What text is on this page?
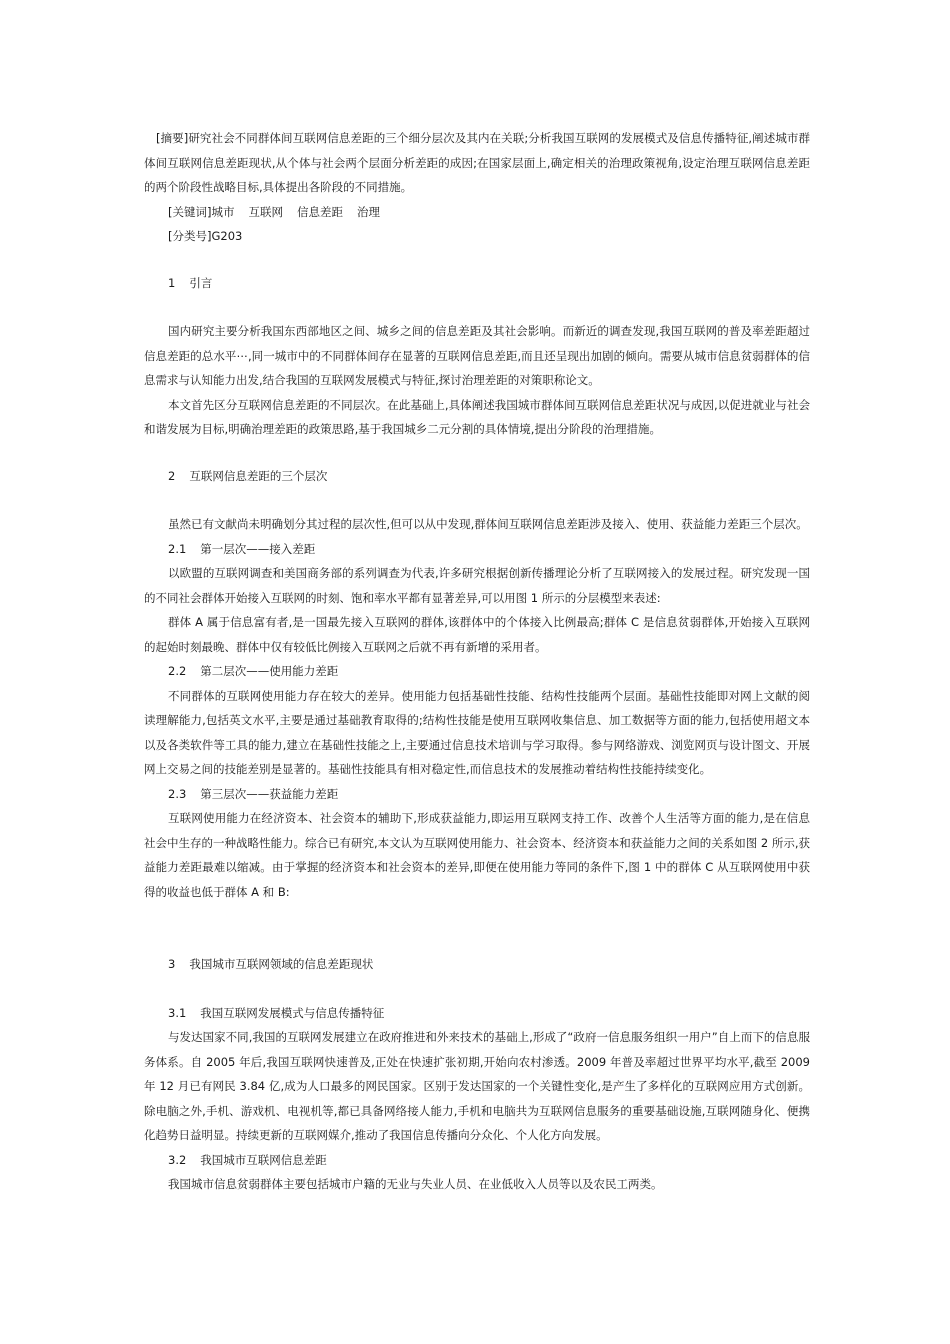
[摘要]研究社会不同群体间互联网信息差距的三个细分层次及其内在关联;分析我国互联网的发展模式及信息传播特征,阐述城市群体间互联网信息差距现状,从个体与社会两个层面分析差距的成因;在国家层面上,确定相关的治理政策视角,设定治理互联网信息差距的两个阶段性战略目标,具体提出各阶段的不同措施。

[关键词]城市 互联网 信息差距 治理

[分类号]G203

1 引言

国内研究主要分析我国东西部地区之间、城乡之间的信息差距及其社会影响。而新近的调查发现,我国互联网的普及率差距超过信息差距的总水平⋯,同一城市中的不同群体间存在显著的互联网信息差距,而且还呈现出加剧的倾向。需要从城市信息贫弱群体的信息需求与认知能力出发,结合我国的互联网发展模式与特征,探讨治理差距的对策职称论文。

本文首先区分互联网信息差距的不同层次。在此基础上,具体阐述我国城市群体间互联网信息差距状况与成因,以促进就业与社会和谐发展为目标,明确治理差距的政策思路,基于我国城乡二元分割的具体情境,提出分阶段的治理措施。

2 互联网信息差距的三个层次

虽然已有文献尚未明确划分其过程的层次性,但可以从中发现,群体间互联网信息差距涉及接入、使用、获益能力差距三个层次。

2.1 第一层次——接入差距

以欧盟的互联网调查和美国商务部的系列调查为代表,许多研究根据创新传播理论分析了互联网接入的发展过程。研究发现一国的不同社会群体开始接入互联网的时刻、饱和率水平都有显著差异,可以用图 1 所示的分层模型来表述:

群体 A 属于信息富有者,是一国最先接入互联网的群体,该群体中的个体接入比例最高;群体 C 是信息贫弱群体,开始接入互联网的起始时刻最晚、群体中仅有较低比例接入互联网之后就不再有新增的采用者。

2.2 第二层次——使用能力差距

不同群体的互联网使用能力存在较大的差异。使用能力包括基础性技能、结构性技能两个层面。基础性技能即对网上文献的阅读理解能力,包括英文水平,主要是通过基础教育取得的;结构性技能是使用互联网收集信息、加工数据等方面的能力,包括使用超文本以及各类软件等工具的能力,建立在基础性技能之上,主要通过信息技术培训与学习取得。参与网络游戏、浏览网页与设计图文、开展网上交易之间的技能差别是显著的。基础性技能具有相对稳定性,而信息技术的发展推动着结构性技能持续变化。

2.3 第三层次——获益能力差距

互联网使用能力在经济资本、社会资本的辅助下,形成获益能力,即运用互联网支持工作、改善个人生活等方面的能力,是在信息社会中生存的一种战略性能力。综合已有研究,本文认为互联网使用能力、社会资本、经济资本和获益能力之间的关系如图 2 所示,获益能力差距最难以缩减。由于掌握的经济资本和社会资本的差异,即便在使用能力等同的条件下,图 1 中的群体 C 从互联网使用中获得的收益也低于群体 A 和 B:

3 我国城市互联网领域的信息差距现状
3.1 我国互联网发展模式与信息传播特征

与发达国家不同,我国的互联网发展建立在政府推进和外来技术的基础上,形成了“政府一信息服务组织一用户”自上而下的信息服务体系。自 2005 年后,我国互联网快速普及,正处在快速扩张初期,开始向农村渗透。2009 年普及率超过世界平均水平,截至 2009 年 12 月已有网民 3.84 亿,成为人口最多的网民国家。区别于发达国家的一个关键性变化,是产生了多样化的互联网应用方式创新。除电脑之外,手机、游戏机、电视机等,都已具备网络接人能力,手机和电脑共为互联网信息服务的重要基础设施,互联网随身化、便携化趋势日益明显。持续更新的互联网媒介,推动了我国信息传播向分众化、个人化方向发展。

3.2 我国城市互联网信息差距

我国城市信息贫弱群体主要包括城市户籍的无业与失业人员、在业低收入人员等以及农民工两类。
